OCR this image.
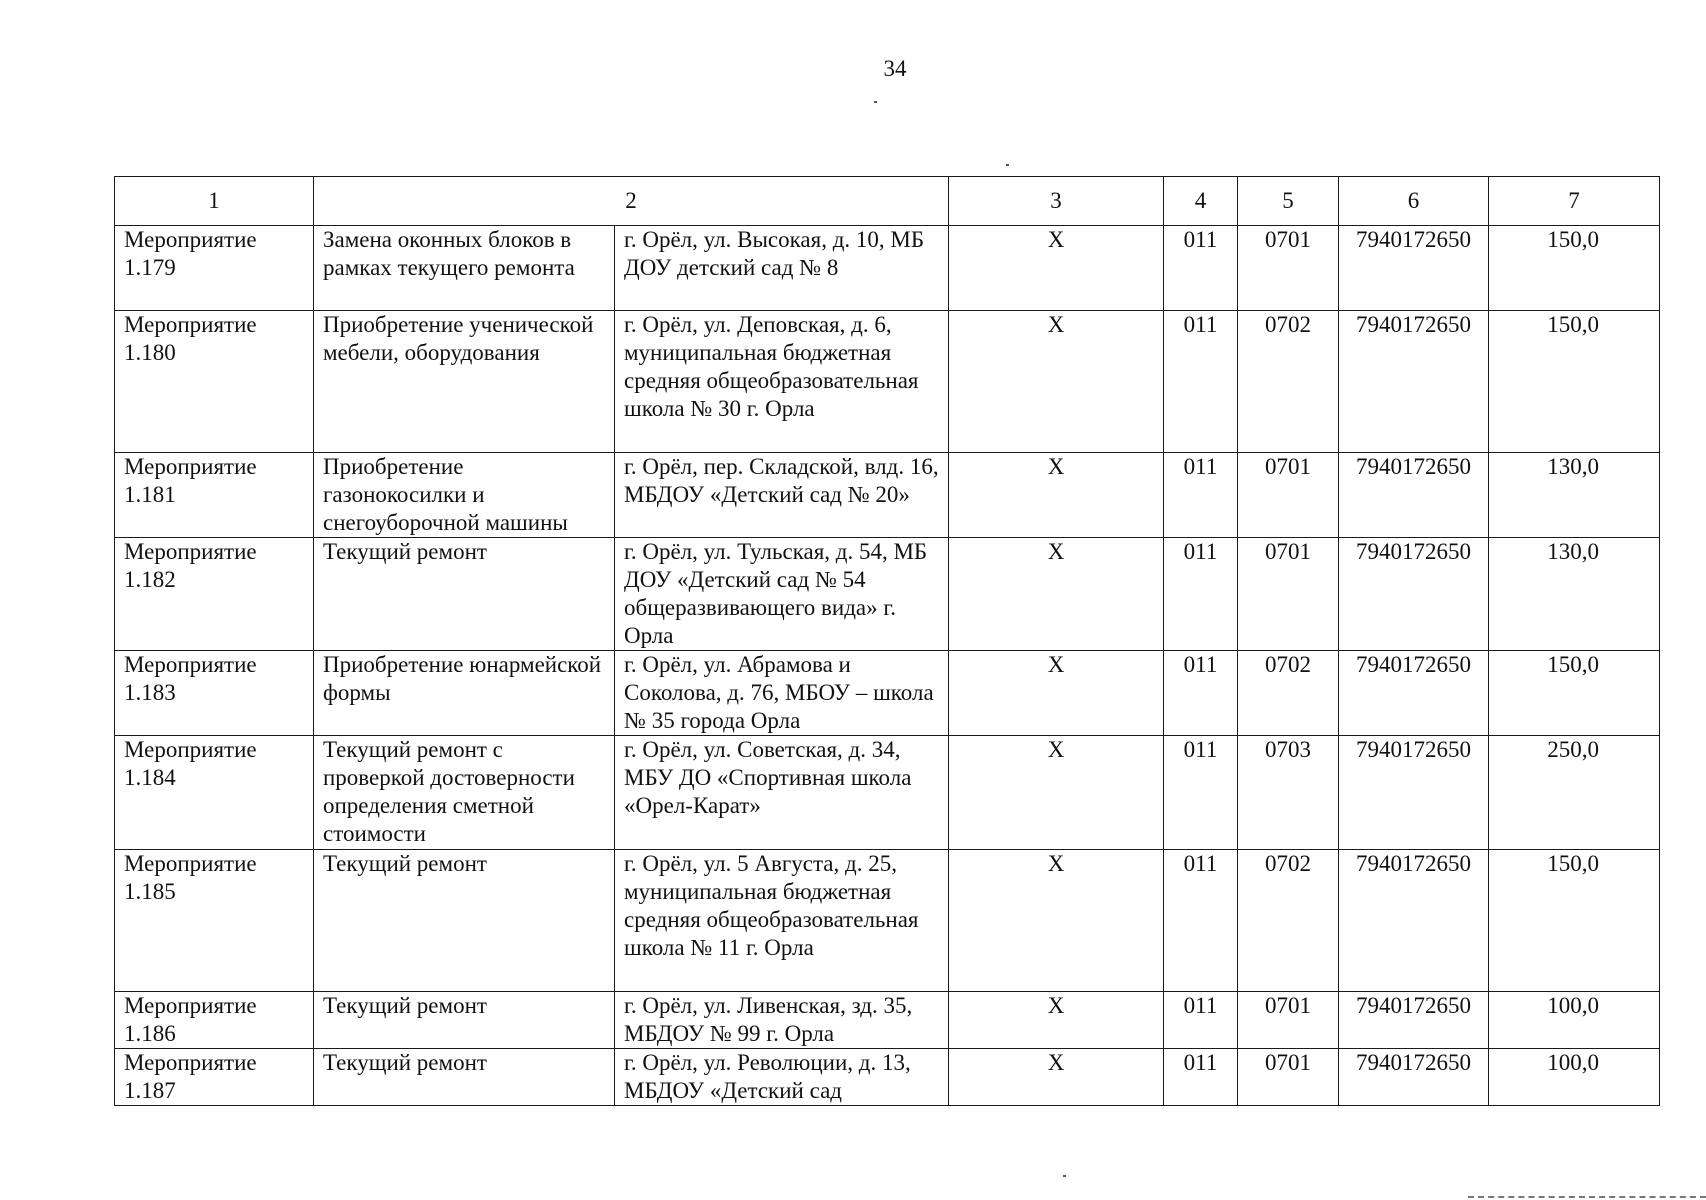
34
1	2		3	4	5	6	7
Мероприятие 1.179	Замена оконных блоков в рамках текущего ремонта	г. Орёл, ул. Высокая, д. 10, МБ ДОУ детский сад № 8	Х	011	0701	7940172650	150,0
Мероприятие 1.180	Приобретение ученической мебели, оборудования	г. Орёл, ул. Деповская, д. 6, муниципальная бюджетная средняя общеобразовательная школа № 30 г. Орла	Х	011	0702	7940172650	150,0
Мероприятие 1.181	Приобретение газонокосилки и снегоуборочной машины	г. Орёл, пер. Складской, влд. 16, МБДОУ «Детский сад № 20»	Х	011	0701	7940172650	130,0
Мероприятие 1.182	Текущий ремонт	г. Орёл, ул. Тульская, д. 54, МБ ДОУ «Детский сад № 54 общеразвивающего вида» г. Орла	Х	011	0701	7940172650	130,0
Мероприятие 1.183	Приобретение юнармейской формы	г. Орёл, ул. Абрамова и Соколова, д. 76, МБОУ – школа № 35 города Орла	Х	011	0702	7940172650	150,0
Мероприятие 1.184	Текущий ремонт с проверкой достоверности определения сметной стоимости	г. Орёл, ул. Советская, д. 34, МБУ ДО «Спортивная школа «Орел-Карат»	Х	011	0703	7940172650	250,0
Мероприятие 1.185	Текущий ремонт	г. Орёл, ул. 5 Августа, д. 25, муниципальная бюджетная средняя общеобразовательная школа № 11 г. Орла	Х	011	0702	7940172650	150,0
Мероприятие 1.186	Текущий ремонт	г. Орёл, ул. Ливенская, зд. 35, МБДОУ № 99 г. Орла	Х	011	0701	7940172650	100,0
Мероприятие 1.187	Текущий ремонт	г. Орёл, ул. Революции, д. 13, МБДОУ «Детский сад	Х	011	0701	7940172650	100,0
